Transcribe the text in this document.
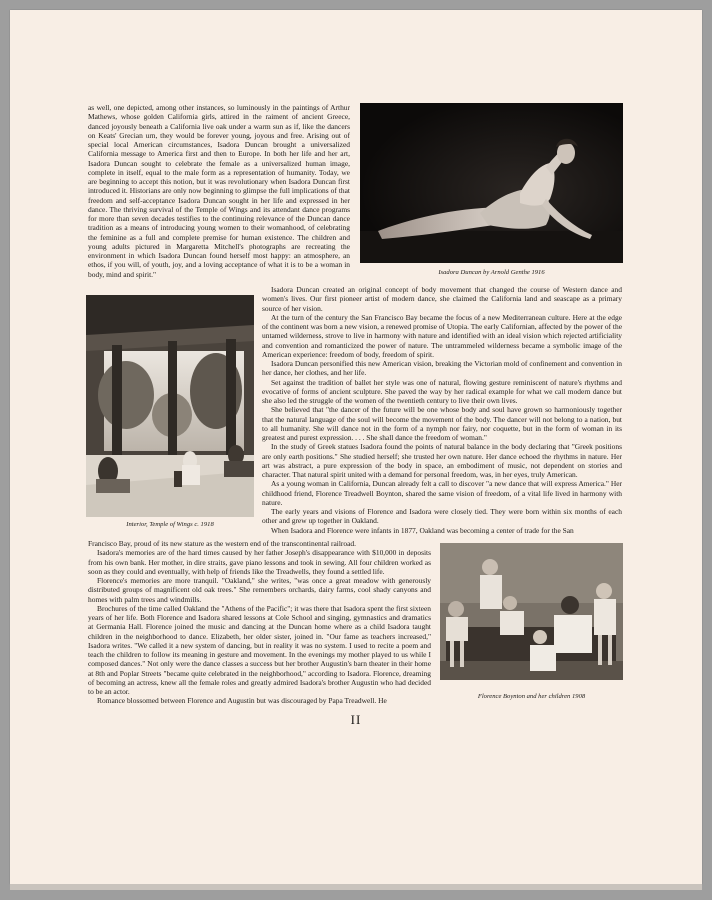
as well, one depicted, among other instances, so luminously in the paintings of Arthur Mathews, whose golden California girls, attired in the raiment of ancient Greece, danced joyously beneath a California live oak under a warm sun as if, like the dancers on Keats' Grecian urn, they would be forever young, joyous and free. Arising out of special local American circumstances, Isadora Duncan brought a universalized California message to America first and then to Europe. In both her life and her art, Isadora Duncan sought to celebrate the female as a universalized human image, complete in itself, equal to the male form as a representation of humanity. Today, we are beginning to accept this notion, but it was revolutionary when Isadora Duncan first introduced it. Historians are only now beginning to glimpse the full implications of that freedom and self-acceptance Isadora Duncan sought in her life and expressed in her dance. The thriving survival of the Temple of Wings and its attendant dance programs for more than seven decades testifies to the continuing relevance of the Duncan dance tradition as a means of introducing young women to their womanhood, of celebrating the feminine as a full and complete premise for human existence. The children and young adults pictured in Margaretta Mitchell's photographs are recreating the environment in which Isadora Duncan found herself most happy: an atmosphere, an ethos, if you will, of youth, joy, and a loving acceptance of what it is to be a woman in body, mind and spirit."	Isadora Duncan by Arnold Genthe 1916

Interior, Temple of Wings c. 1918

Isadora Duncan created an original concept of body movement that changed the course of Western dance and women's lives. Our first pioneer artist of modern dance, she claimed the California land and seascape as a primary source of her vision.
At the turn of the century the San Francisco Bay became the focus of a new Mediterranean culture. Here at the edge of the continent was born a new vision, a renewed promise of Utopia. The early Californian, affected by the power of the untamed wilderness, strove to live in harmony with nature and identified with an ideal vision which rejected artificiality and convention and romanticized the power of nature. The untrammeled wilderness became a symbolic image of the American experience: freedom of body, freedom of spirit.
Isadora Duncan personified this new American vision, breaking the Victorian mold of confinement and convention in her dance, her clothes, and her life.
Set against the tradition of ballet her style was one of natural, flowing gesture reminiscent of nature's rhythms and evocative of forms of ancient sculpture. She paved the way by her radical example for what we call modern dance but she also led the struggle of the women of the twentieth century to live their own lives.
She believed that "the dancer of the future will be one whose body and soul have grown so harmoniously together that the natural language of the soul will become the movement of the body. The dancer will not belong to a nation, but to all humanity. She will dance not in the form of a nymph nor fairy, nor coquette, but in the form of woman in its greatest and purest expression. . . . She shall dance the freedom of woman."
In the study of Greek statues Isadora found the points of natural balance in the body declaring that "Greek positions are only earth positions." She studied herself; she trusted her own nature. Her dance echoed the rhythms in nature. Her art was abstract, a pure expression of the body in space, an embodiment of music, not dependent on stories and character. That natural spirit united with a demand for personal freedom, was, in her eyes, truly American.
As a young woman in California, Duncan already felt a call to discover "a new dance that will express America." Her childhood friend, Florence Treadwell Boynton, shared the same vision of freedom, of a vital life lived in harmony with nature.
The early years and visions of Florence and Isadora were closely tied. They were born within six months of each other and grew up together in Oakland.
When Isadora and Florence were infants in 1877, Oakland was becoming a center of trade for the San
Francisco Bay, proud of its new stature as the western end of the transcontinental railroad.
Isadora's memories are of the hard times caused by her father Joseph's disappearance with $10,000 in deposits from his own bank. Her mother, in dire straits, gave piano lessons and took in sewing. All four children worked as soon as they could and eventually, with help of friends like the Treadwells, they found a settled life.
Florence's memories are more tranquil. "Oakland," she writes, "was once a great meadow with generously distributed groups of magnificent old oak trees." She remembers orchards, dairy farms, cool shady canyons and homes with palm trees and windmills.
Brochures of the time called Oakland the "Athens of the Pacific"; it was there that Isadora spent the first sixteen years of her life. Both Florence and Isadora shared lessons at Cole School and singing, gymnastics and dramatics at Germania Hall. Florence joined the music and dancing at the Duncan home where as a child Isadora taught children in the neighborhood to dance. Elizabeth, her older sister, joined in. "Our fame as teachers increased," Isadora writes. "We called it a new system of dancing, but in reality it was no system. I used to recite a poem and teach the children to follow its meaning in gesture and movement. In the evenings my mother played to us while I composed dances." Not only were the dance classes a success but her brother Augustin's barn theater in their home at 8th and Poplar Streets "became quite celebrated in the neighborhood," according to Isadora. Florence, dreaming of becoming an actress, knew all the female roles and greatly admired Isadora's brother Augustin who had decided to be an actor.
Romance blossomed between Florence and Augustin but was discouraged by Papa Treadwell. He	Florence Boynton and her children 1908

II
